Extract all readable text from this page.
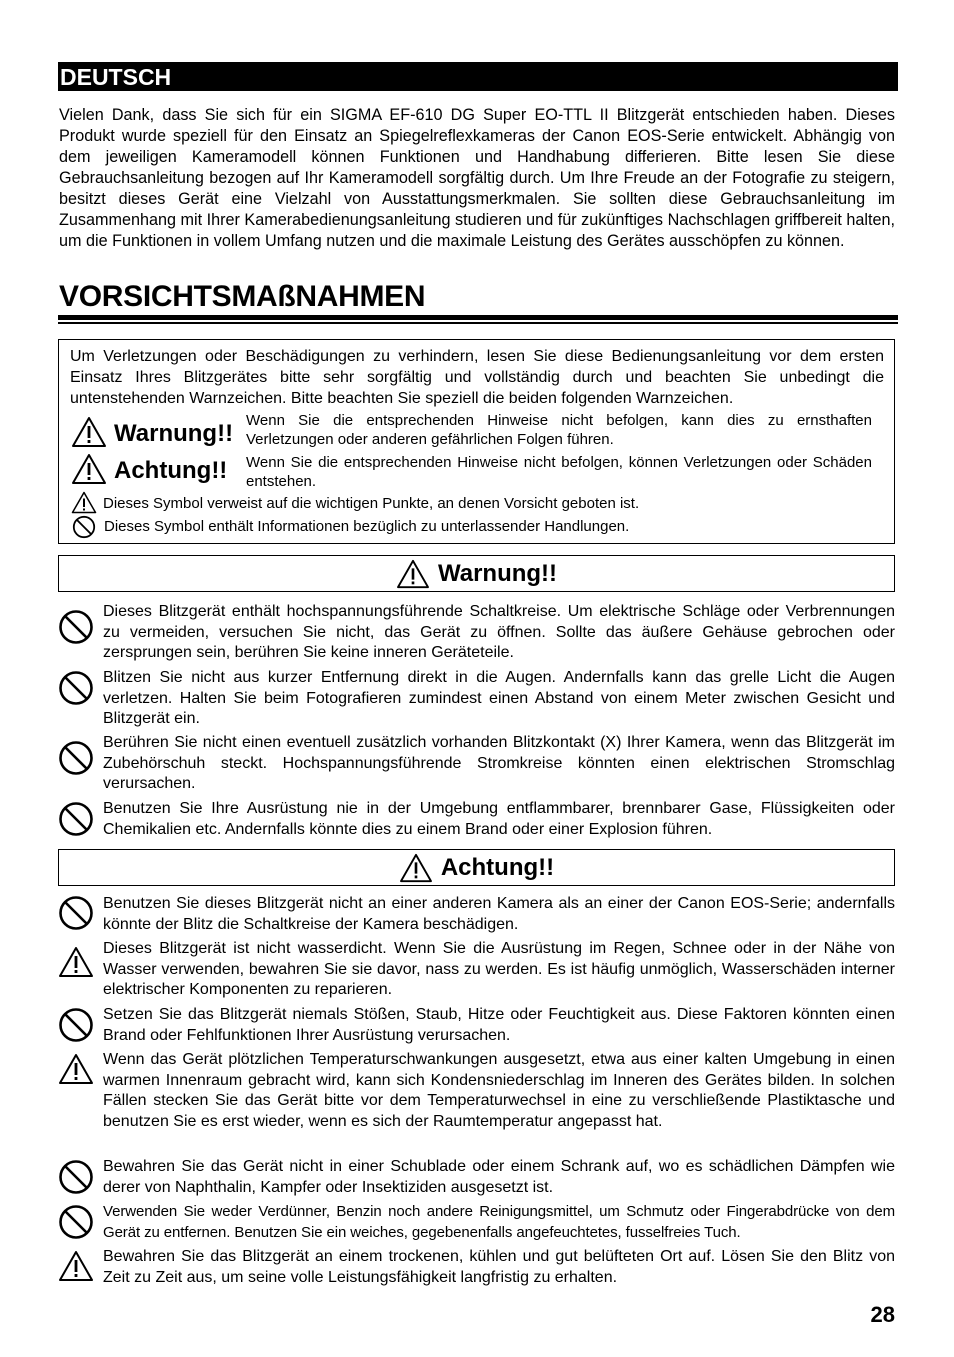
DEUTSCH

Vielen Dank, dass Sie sich für ein SIGMA EF-610 DG Super EO-TTL II Blitzgerät entschieden haben. Dieses Produkt wurde speziell für den Einsatz an Spiegelreflexkameras der Canon EOS-Serie entwickelt. Abhängig von dem jeweiligen Kameramodell können Funktionen und Handhabung differieren. Bitte lesen Sie diese Gebrauchsanleitung bezogen auf Ihr Kameramodell sorgfältig durch. Um Ihre Freude an der Fotografie zu steigern, besitzt dieses Gerät eine Vielzahl von Ausstattungsmerkmalen. Sie sollten diese Gebrauchsanleitung im Zusammenhang mit Ihrer Kamerabedienungsanleitung studieren und für zukünftiges Nachschlagen griffbereit halten, um die Funktionen in vollem Umfang nutzen und die maximale Leistung des Gerätes ausschöpfen zu können.

VORSICHTSMAßNAHMEN

Um Verletzungen oder Beschädigungen zu verhindern, lesen Sie diese Bedienungsanleitung vor dem ersten Einsatz Ihres Blitzgerätes bitte sehr sorgfältig und vollständig durch und beachten Sie unbedingt die untenstehenden Warnzeichen. Bitte beachten Sie speziell die beiden folgenden Warnzeichen.

Warnung!! Wenn Sie die entsprechenden Hinweise nicht befolgen, kann dies zu ernsthaften Verletzungen oder anderen gefährlichen Folgen führen.
Achtung!! Wenn Sie die entsprechenden Hinweise nicht befolgen, können Verletzungen oder Schäden entstehen.
Dieses Symbol verweist auf die wichtigen Punkte, an denen Vorsicht geboten ist.
Dieses Symbol enthält Informationen bezüglich zu unterlassender Handlungen.
Warnung!!

Dieses Blitzgerät enthält hochspannungsführende Schaltkreise. Um elektrische Schläge oder Verbrennungen zu vermeiden, versuchen Sie nicht, das Gerät zu öffnen. Sollte das äußere Gehäuse gebrochen oder zersprungen sein, berühren Sie keine inneren Geräteteile.

Blitzen Sie nicht aus kurzer Entfernung direkt in die Augen. Andernfalls kann das grelle Licht die Augen verletzen. Halten Sie beim Fotografieren zumindest einen Abstand von einem Meter zwischen Gesicht und Blitzgerät ein.

Berühren Sie nicht einen eventuell zusätzlich vorhanden Blitzkontakt (X) Ihrer Kamera, wenn das Blitzgerät im Zubehörschuh steckt. Hochspannungsführende Stromkreise könnten einen elektrischen Stromschlag verursachen.

Benutzen Sie Ihre Ausrüstung nie in der Umgebung entflammbarer, brennbarer Gase, Flüssigkeiten oder Chemikalien etc. Andernfalls könnte dies zu einem Brand oder einer Explosion führen.

Achtung!!

Benutzen Sie dieses Blitzgerät nicht an einer anderen Kamera als an einer der Canon EOS-Serie; andernfalls könnte der Blitz die Schaltkreise der Kamera beschädigen.

Dieses Blitzgerät ist nicht wasserdicht. Wenn Sie die Ausrüstung im Regen, Schnee oder in der Nähe von Wasser verwenden, bewahren Sie sie davor, nass zu werden. Es ist häufig unmöglich, Wasserschäden interner elektrischer Komponenten zu reparieren.

Setzen Sie das Blitzgerät niemals Stößen, Staub, Hitze oder Feuchtigkeit aus. Diese Faktoren könnten einen Brand oder Fehlfunktionen Ihrer Ausrüstung verursachen.

Wenn das Gerät plötzlichen Temperaturschwankungen ausgesetzt, etwa aus einer kalten Umgebung in einen warmen Innenraum gebracht wird, kann sich Kondensniederschlag im Inneren des Gerätes bilden. In solchen Fällen stecken Sie das Gerät bitte vor dem Temperaturwechsel in eine zu verschließende Plastiktasche und benutzen Sie es erst wieder, wenn es sich der Raumtemperatur angepasst hat.

Bewahren Sie das Gerät nicht in einer Schublade oder einem Schrank auf, wo es schädlichen Dämpfen wie derer von Naphthalin, Kampfer oder Insektiziden ausgesetzt ist.

Verwenden Sie weder Verdünner, Benzin noch andere Reinigungsmittel, um Schmutz oder Fingerabdrücke von dem Gerät zu entfernen. Benutzen Sie ein weiches, gegebenenfalls angefeuchtetes, fusselfreies Tuch.

Bewahren Sie das Blitzgerät an einem trockenen, kühlen und gut belüfteten Ort auf. Lösen Sie den Blitz von Zeit zu Zeit aus, um seine volle Leistungsfähigkeit langfristig zu erhalten.

28
